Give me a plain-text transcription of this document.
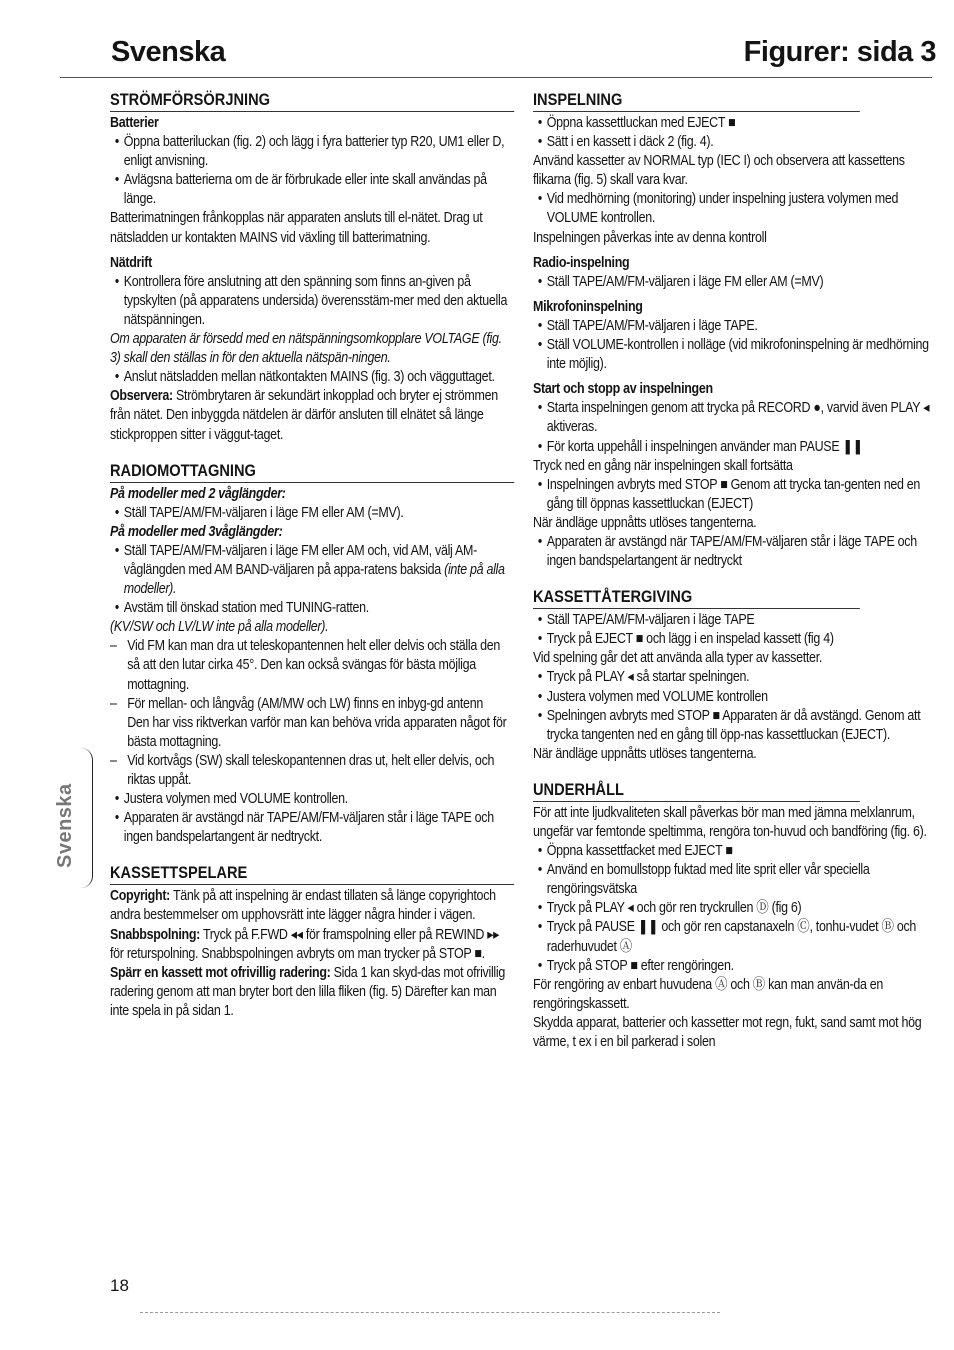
Svenska	Figurer: sida 3
STRÖMFÖRSÖRJNING
Batterier

• Öppna batteriluckan (fig. 2) och lägg i fyra batterier typ R20, UM1 eller D, enligt anvisning.

• Avlägsna batterierna om de är förbrukade eller inte skall användas på länge.

Batterimatningen frånkopplas när apparaten ansluts till el-nätet. Drag ut nätsladden ur kontakten MAINS vid växling till batterimatning.

Nätdrift

• Kontrollera före anslutning att den spänning som finns an-given på typskylten (på apparatens undersida) överensstäm-mer med den aktuella nätspänningen.

Om apparaten är försedd med en nätspänningsomkopplare VOLTAGE (fig. 3) skall den ställas in för den aktuella nätspän-ningen.

• Anslut nätsladden mellan nätkontakten MAINS (fig. 3) och vägguttaget.

Observera: Strömbrytaren är sekundärt inkopplad och bryter ej strömmen från nätet. Den inbyggda nätdelen är därför ansluten till elnätet så länge stickproppen sitter i väggut-taget.

RADIOMOTTAGNING

På modeller med 2 våglängder:

• Ställ TAPE/AM/FM-väljaren i läge FM eller AM (=MV).

På modeller med 3våglängder:

• Ställ TAPE/AM/FM-väljaren i läge FM eller AM och, vid AM, välj AM-våglängden med AM BAND-väljaren på appa-ratens baksida (inte på alla modeller).

• Avstäm till önskad station med TUNING-ratten.

(KV/SW och LV/LW inte på alla modeller).

– Vid FM kan man dra ut teleskopantennen helt eller delvis och ställa den så att den lutar cirka 45°. Den kan också svängas för bästa möjliga mottagning.

– För mellan- och långvåg (AM/MW och LW) finns en inbyg-gd antenn Den har viss riktverkan varför man kan behöva vrida apparaten något för bästa mottagning.

– Vid kortvågs (SW) skall teleskopantennen dras ut, helt eller delvis, och riktas uppåt.

• Justera volymen med VOLUME kontrollen.

• Apparaten är avstängd när TAPE/AM/FM-väljaren står i läge TAPE och ingen bandspelartangent är nedtryckt.

KASSETTSPELARE

Copyright: Tänk på att inspelning är endast tillaten så länge copyrightoch andra bestemmelser om upphovsrätt inte lägger några hinder i vägen.

Snabbspolning: Tryck på F.FWD ◂◂ för framspolning eller på REWIND ▸▸ för returspolning. Snabbspolningen avbryts om man trycker på STOP ■.

Spärr en kassett mot ofrivillig radering: Sida 1 kan skyd-das mot ofrivillig radering genom att man bryter bort den lilla fliken (fig. 5) Därefter kan man inte spela in på sidan 1.

INSPELNING

• Öppna kassettluckan med EJECT ■

• Sätt i en kassett i däck 2 (fig. 4).

Använd kassetter av NORMAL typ (IEC I) och observera att kassettens flikarna (fig. 5) skall vara kvar.

• Vid medhörning (monitoring) under inspelning justera volymen med VOLUME kontrollen.

Inspelningen påverkas inte av denna kontroll

Radio-inspelning

• Ställ TAPE/AM/FM-väljaren i läge FM eller AM (=MV)

Mikrofoninspelning

• Ställ TAPE/AM/FM-väljaren i läge TAPE.

• Ställ VOLUME-kontrollen i nolläge (vid mikrofoninspelning är medhörning inte möjlig).

Start och stopp av inspelningen

• Starta inspelningen genom att trycka på RECORD ●, varvid även PLAY ◂ aktiveras.

• För korta uppehåll i inspelningen använder man PAUSE ❚❚

Tryck ned en gång när inspelningen skall fortsätta

• Inspelningen avbryts med STOP ■ Genom att trycka tan-genten ned en gång till öppnas kassettluckan (EJECT)

När ändläge uppnåtts utlöses tangenterna.

• Apparaten är avstängd när TAPE/AM/FM-väljaren står i läge TAPE och ingen bandspelartangent är nedtryckt

KASSETTÅTERGIVING

• Ställ TAPE/AM/FM-väljaren i läge TAPE

• Tryck på EJECT ■ och lägg i en inspelad kassett (fig 4)

Vid spelning går det att använda alla typer av kassetter.

• Tryck på PLAY ◂ så startar spelningen.

• Justera volymen med VOLUME kontrollen

• Spelningen avbryts med STOP ■ Apparaten är då avstängd. Genom att trycka tangenten ned en gång till öpp-nas kassettluckan (EJECT).

När ändläge uppnåtts utlöses tangenterna.

UNDERHÅLL

För att inte ljudkvaliteten skall påverkas bör man med jämna melxlanrum, ungefär var femtonde speltimma, rengöra ton-huvud och bandföring (fig. 6).

• Öppna kassettfacket med EJECT ■

• Använd en bomullstopp fuktad med lite sprit eller vår speciella rengöringsvätska

• Tryck på PLAY ◂ och gör ren tryckrullen Ⓓ (fig 6)

• Tryck på PAUSE ❚❚ och gör ren capstanaxeln Ⓒ, tonhu-vudet Ⓑ och raderhuvudet Ⓐ

• Tryck på STOP ■ efter rengöringen.

För rengöring av enbart huvudena Ⓐ och Ⓑ kan man använ-da en rengöringskassett.

Skydda apparat, batterier och kassetter mot regn, fukt, sand samt mot hög värme, t ex i en bil parkerad i solen

Svenska
18
